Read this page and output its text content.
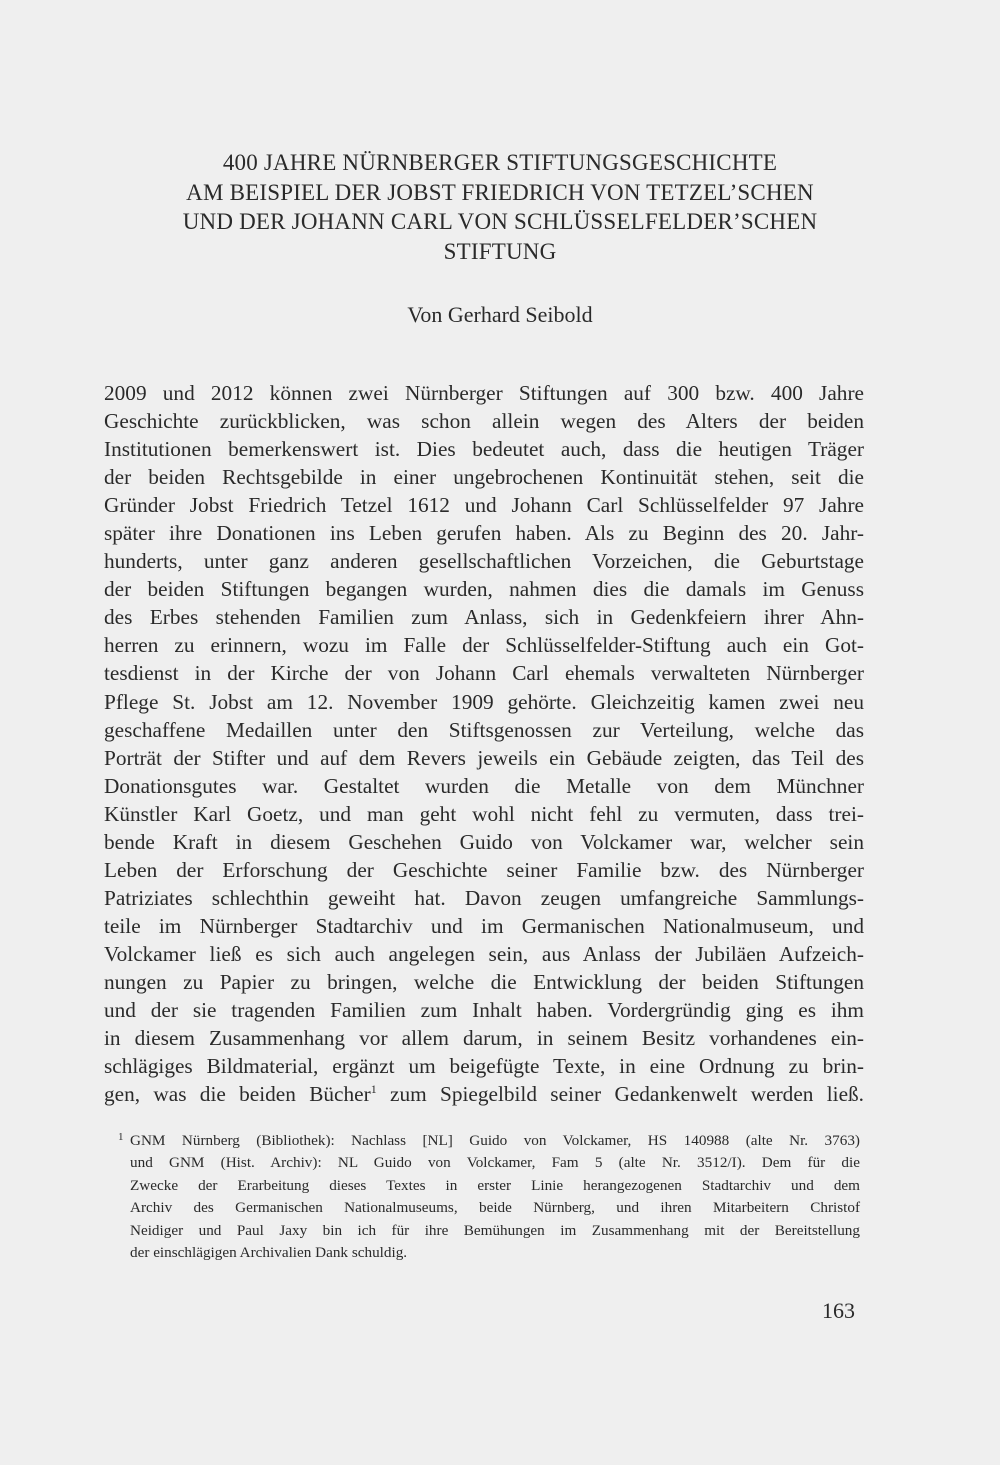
400 JAHRE NÜRNBERGER STIFTUNGSGESCHICHTE
AM BEISPIEL DER JOBST FRIEDRICH VON TETZEL’SCHEN
UND DER JOHANN CARL VON SCHLÜSSELFELDER’SCHEN
STIFTUNG
Von Gerhard Seibold
2009 und 2012 können zwei Nürnberger Stiftungen auf 300 bzw. 400 Jahre
Geschichte zurückblicken, was schon allein wegen des Alters der beiden
Institutionen bemerkenswert ist. Dies bedeutet auch, dass die heutigen Träger
der beiden Rechtsgebilde in einer ungebrochenen Kontinuität stehen, seit die
Gründer Jobst Friedrich Tetzel 1612 und Johann Carl Schlüsselfelder 97 Jahre
später ihre Donationen ins Leben gerufen haben. Als zu Beginn des 20. Jahr-
hunderts, unter ganz anderen gesellschaftlichen Vorzeichen, die Geburtstage
der beiden Stiftungen begangen wurden, nahmen dies die damals im Genuss
des Erbes stehenden Familien zum Anlass, sich in Gedenkfeiern ihrer Ahn-
herren zu erinnern, wozu im Falle der Schlüsselfelder-Stiftung auch ein Got-
tesdienst in der Kirche der von Johann Carl ehemals verwalteten Nürnberger
Pflege St. Jobst am 12. November 1909 gehörte. Gleichzeitig kamen zwei neu
geschaffene Medaillen unter den Stiftsgenossen zur Verteilung, welche das
Porträt der Stifter und auf dem Revers jeweils ein Gebäude zeigten, das Teil des
Donationsgutes war. Gestaltet wurden die Metalle von dem Münchner
Künstler Karl Goetz, und man geht wohl nicht fehl zu vermuten, dass trei-
bende Kraft in diesem Geschehen Guido von Volckamer war, welcher sein
Leben der Erforschung der Geschichte seiner Familie bzw. des Nürnberger
Patriziates schlechthin geweiht hat. Davon zeugen umfangreiche Sammlungs-
teile im Nürnberger Stadtarchiv und im Germanischen Nationalmuseum, und
Volckamer ließ es sich auch angelegen sein, aus Anlass der Jubiläen Aufzeich-
nungen zu Papier zu bringen, welche die Entwicklung der beiden Stiftungen
und der sie tragenden Familien zum Inhalt haben. Vordergründig ging es ihm
in diesem Zusammenhang vor allem darum, in seinem Besitz vorhandenes ein-
schlägiges Bildmaterial, ergänzt um beigefügte Texte, in eine Ordnung zu brin-
gen, was die beiden Bücher$^1$ zum Spiegelbild seiner Gedankenwelt werden ließ.
1 GNM Nürnberg (Bibliothek): Nachlass [NL] Guido von Volckamer, HS 140988 (alte Nr. 3763)
und GNM (Hist. Archiv): NL Guido von Volckamer, Fam 5 (alte Nr. 3512/I). Dem für die
Zwecke der Erarbeitung dieses Textes in erster Linie herangezogenen Stadtarchiv und dem
Archiv des Germanischen Nationalmuseums, beide Nürnberg, und ihren Mitarbeitern Christof
Neidiger und Paul Jaxy bin ich für ihre Bemühungen im Zusammenhang mit der Bereitstellung
der einschlägigen Archivalien Dank schuldig.
163
